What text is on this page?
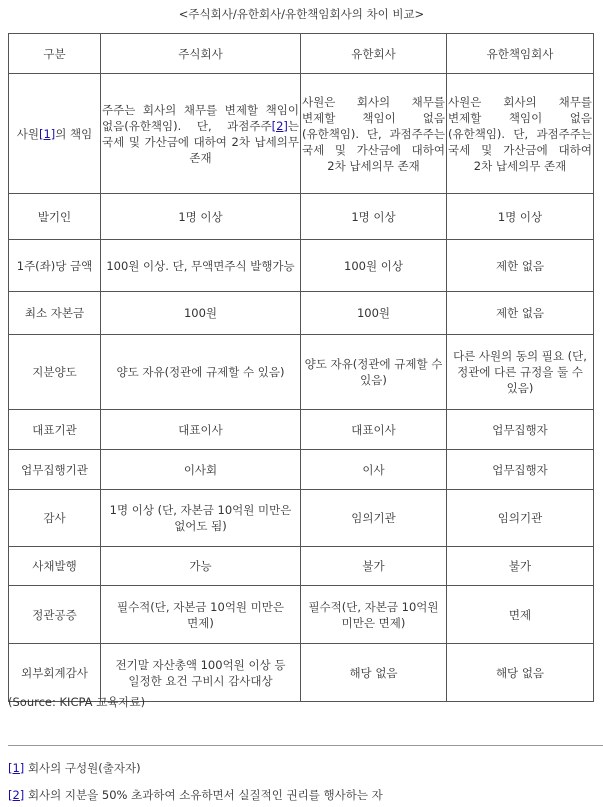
<주식회사/유한회사/유한책임회사의 차이 비교>
구분	주식회사	유한회사	유한책임회사
사원[1]의 책임	주주는 회사의 채무를 변제할 책임이 없음(유한책임). 단, 과점주주[2]는 국세 및 가산금에 대하여 2차 납세의무 존재	사원은 회사의 채무를 변제할 책임이 없음(유한책임). 단, 과점주주는 국세 및 가산금에 대하여 2차 납세의무 존재	사원은 회사의 채무를 변제할 책임이 없음(유한책임). 단, 과점주주는 국세 및 가산금에 대하여 2차 납세의무 존재
발기인	1명 이상	1명 이상	1명 이상
1주(좌)당 금액	100원 이상. 단, 무액면주식 발행가능	100원 이상	제한 없음
최소 자본금	100원	100원	제한 없음
지분양도	양도 자유(정관에 규제할 수 있음)	양도 자유(정관에 규제할 수 있음)	다른 사원의 동의 필요 (단, 정관에 다른 규정을 둘 수 있음)
대표기관	대표이사	대표이사	업무집행자
업무집행기관	이사회	이사	업무집행자
감사	1명 이상 (단, 자본금 10억원 미만은 없어도 됨)	임의기관	임의기관
사채발행	가능	불가	불가
정관공증	필수적(단, 자본금 10억원 미만은 면제)	필수적(단, 자본금 10억원 미만은 면제)	면제
외부회계감사	전기말 자산총액 100억원 이상 등 일정한 요건 구비시 감사대상	해당 없음	해당 없음
(Source: KICPA 교육자료)
[1] 회사의 구성원(출자자)
[2] 회사의 지분을 50% 초과하여 소유하면서 실질적인 권리를 행사하는 자
